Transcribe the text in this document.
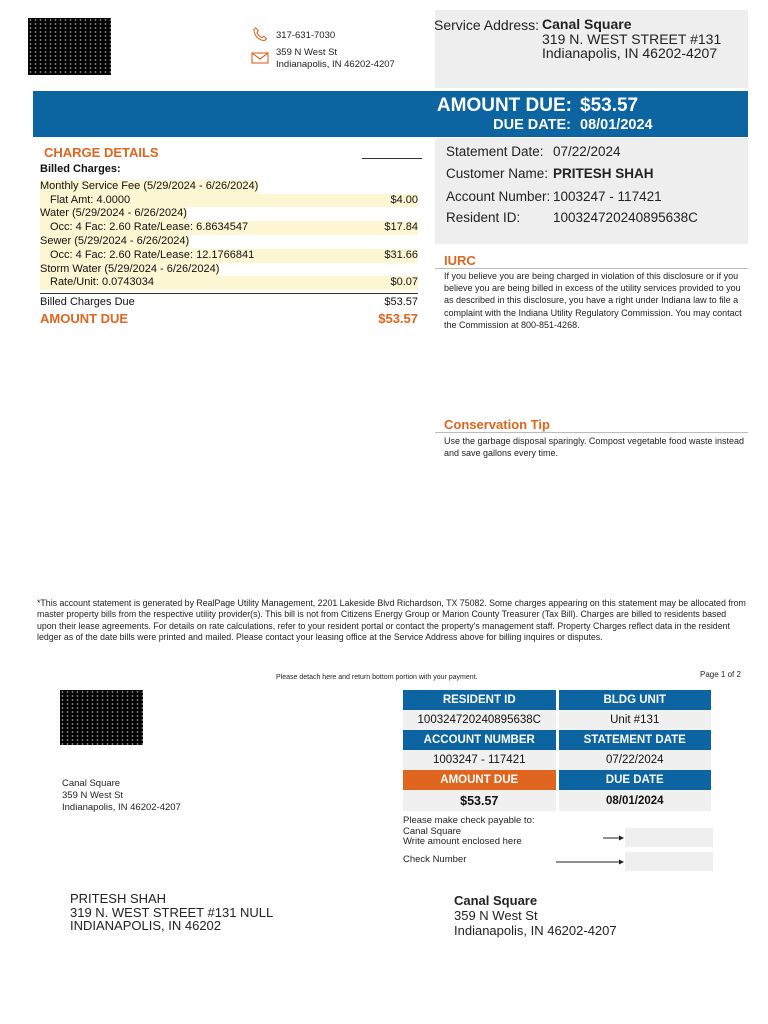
317-631-7030
359 N West St
Indianapolis, IN 46202-4207
Service Address: Canal Square
319 N. WEST STREET #131
Indianapolis, IN 46202-4207
AMOUNT DUE: $53.57
DUE DATE: 08/01/2024
Statement Date: 07/22/2024
Customer Name: PRITESH SHAH
Account Number: 1003247 - 117421
Resident ID: 100324720240895638C
CHARGE DETAILS
Billed Charges:
Monthly Service Fee (5/29/2024 - 6/26/2024)
Flat Amt: 4.0000	$4.00
Water (5/29/2024 - 6/26/2024)
Occ: 4 Fac: 2.60 Rate/Lease: 6.8634547	$17.84
Sewer (5/29/2024 - 6/26/2024)
Occ: 4 Fac: 2.60 Rate/Lease: 12.1766841	$31.66
Storm Water (5/29/2024 - 6/26/2024)
Rate/Unit: 0.0743034	$0.07
Billed Charges Due	$53.57
AMOUNT DUE	$53.57
IURC
If you believe you are being charged in violation of this disclosure or if you believe you are being billed in excess of the utility services provided to you as described in this disclosure, you have a right under Indiana law to file a complaint with the Indiana Utility Regulatory Commission. You may contact the Commission at 800-851-4268.
Conservation Tip
Use the garbage disposal sparingly. Compost vegetable food waste instead and save gallons every time.
*This account statement is generated by RealPage Utility Management, 2201 Lakeside Blvd Richardson, TX 75082. Some charges appearing on this statement may be allocated from master property bills from the respective utility provider(s). This bill is not from Citizens Energy Group or Marion County Treasurer (Tax Bill). Charges are billed to residents based upon their lease agreements. For details on rate calculations, refer to your resident portal or contact the property's management staff. Property Charges reflect data in the resident ledger as of the date bills were printed and mailed. Please contact your leasing office at the Service Address above for billing inquires or disputes.
Please detach here and return bottom portion with your payment.	Page 1 of 2
Canal Square
359 N West St
Indianapolis, IN 46202-4207
RESIDENT ID	BLDG UNIT
100324720240895638C	Unit #131
ACCOUNT NUMBER	STATEMENT DATE
1003247 - 117421	07/22/2024
AMOUNT DUE	DUE DATE
$53.57	08/01/2024
Please make check payable to:
Canal Square
Write amount enclosed here
Check Number
PRITESH SHAH
319 N. WEST STREET #131 NULL
INDIANAPOLIS, IN 46202
Canal Square
359 N West St
Indianapolis, IN 46202-4207
